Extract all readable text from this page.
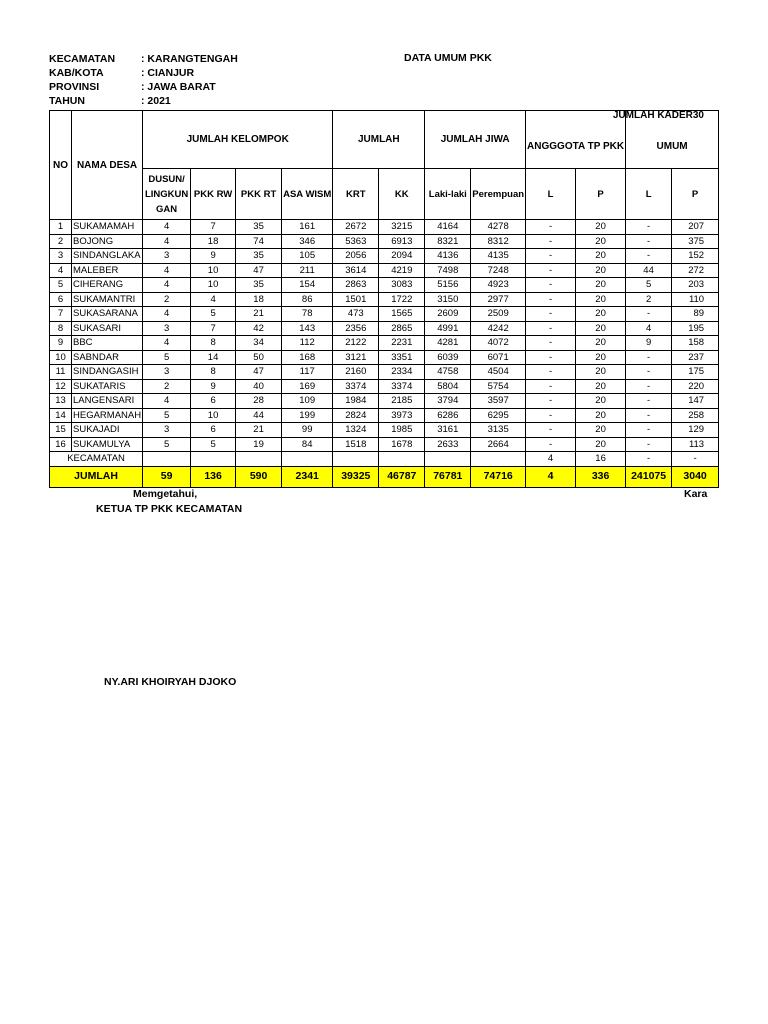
KECAMATAN : KARANGTENGAH
KAB/KOTA	: CIANJUR
PROVINSI	: JAWA BARAT
TAHUN	: 2021
DATA UMUM PKK
JUMLAH KADER30
NO	NAMA DESA	JUMLAH KELOMPOK				JUMLAH		JUMLAH JIWA		ANGGGOTA TP PKK		UMUM	

		DUSUN/
LINGKUN
GAN	PKK RW	PKK RT	ASA WISM	KRT	KK	Laki-laki	Perempuan	L	P	L	P
1	SUKAMAMAH	4	7	35	161	2672	3215	4164	4278	-	20	-	207
2	BOJONG	4	18	74	346	5363	6913	8321	8312	-	20	-	375
3	SINDANGLAKA	3	9	35	105	2056	2094	4136	4135	-	20	-	152
4	MALEBER	4	10	47	211	3614	4219	7498	7248	-	20	44	272
5	CIHERANG	4	10	35	154	2863	3083	5156	4923	-	20	5	203
6	SUKAMANTRI	2	4	18	86	1501	1722	3150	2977	-	20	2	110
7	SUKASARANA	4	5	21	78	473	1565	2609	2509	-	20	-	89
8	SUKASARI	3	7	42	143	2356	2865	4991	4242	-	20	4	195
9	BBC	4	8	34	112	2122	2231	4281	4072	-	20	9	158
10	SABNDAR	5	14	50	168	3121	3351	6039	6071	-	20	-	237
11	SINDANGASIH	3	8	47	117	2160	2334	4758	4504	-	20	-	175
12	SUKATARIS	2	9	40	169	3374	3374	5804	5754	-	20	-	220
13	LANGENSARI	4	6	28	109	1984	2185	3794	3597	-	20	-	147
14	HEGARMANAH	5	10	44	199	2824	3973	6286	6295	-	20	-	258
15	SUKAJADI	3	6	21	99	1324	1985	3161	3135	-	20	-	129
16	SUKAMULYA	5	5	19	84	1518	1678	2633	2664	-	20	-	113
KECAMATAN										4	16	-	-
JUMLAH		59	136	590	2341	39325	46787	76781	74716	4	336	241075	3040
Memgetahui,
KETUA TP PKK KECAMATAN
Kara
NY.ARI KHOIRYAH DJOKO
